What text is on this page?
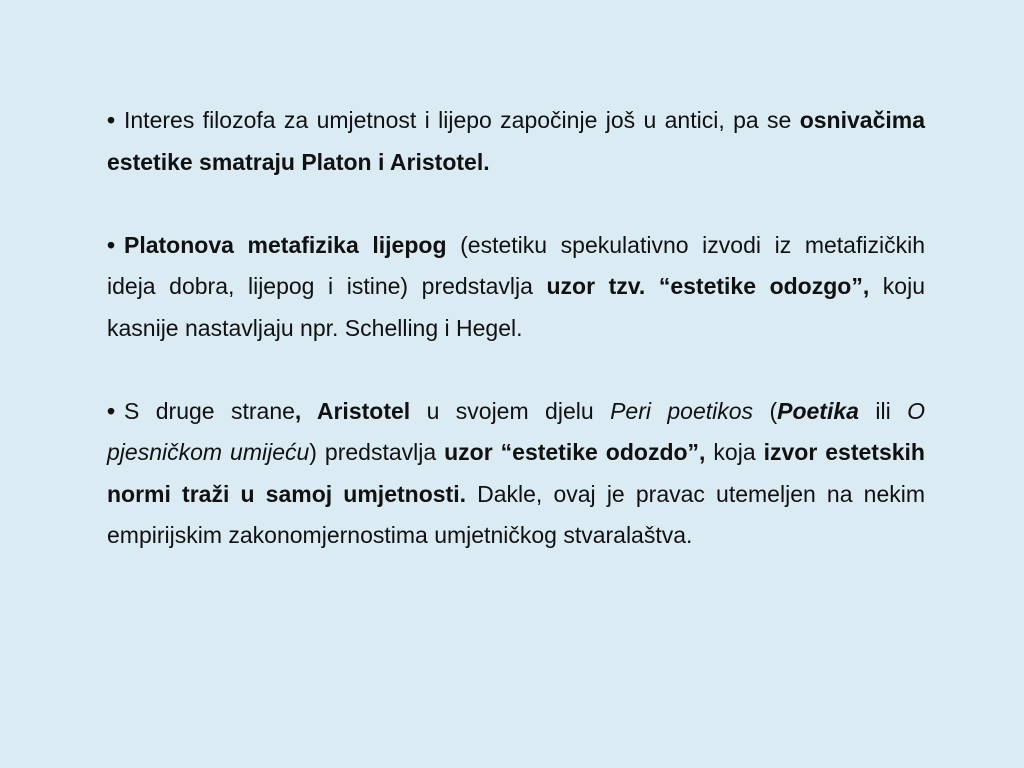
• Interes filozofa za umjetnost i lijepo započinje još u antici, pa se osnivačima estetike smatraju Platon i Aristotel.

• Platonova metafizika lijepog (estetiku spekulativno izvodi iz metafizičkih ideja dobra, lijepog i istine) predstavlja uzor tzv. “estetike odozgo”, koju kasnije nastavljaju npr. Schelling i Hegel.

• S druge strane, Aristotel u svojem djelu Peri poetikos (Poetika ili O pjesničkom umijeću) predstavlja uzor “estetike odozdo”, koja izvor estetskih normi traži u samoj umjetnosti. Dakle, ovaj je pravac utemeljen na nekim empirijskim zakonomjernostima umjetničkog stvaralaštva.
